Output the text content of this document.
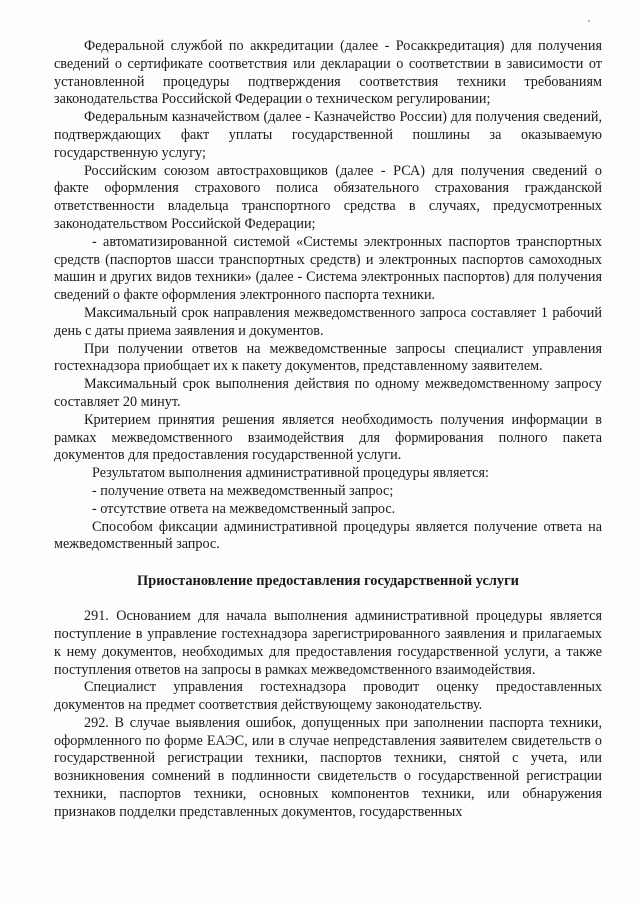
Федеральной службой по аккредитации (далее - Росаккредитация) для получения сведений о сертификате соответствия или декларации о соответствии в зависимости от установленной процедуры подтверждения соответствия техники требованиям законодательства Российской Федерации о техническом регулировании;

Федеральным казначейством (далее - Казначейство России) для получения сведений, подтверждающих факт уплаты государственной пошлины за оказываемую государственную услугу;

Российским союзом автостраховщиков (далее - РСА) для получения сведений о факте оформления страхового полиса обязательного страхования гражданской ответственности владельца транспортного средства в случаях, предусмотренных законодательством Российской Федерации;

- автоматизированной системой «Системы электронных паспортов транспортных средств (паспортов шасси транспортных средств) и электронных паспортов самоходных машин и других видов техники» (далее - Система электронных паспортов) для получения сведений о факте оформления электронного паспорта техники.

Максимальный срок направления межведомственного запроса составляет 1 рабочий день с даты приема заявления и документов.

При получении ответов на межведомственные запросы специалист управления гостехнадзора приобщает их к пакету документов, представленному заявителем.

Максимальный срок выполнения действия по одному межведомственному запросу составляет 20 минут.

Критерием принятия решения является необходимость получения информации в рамках межведомственного взаимодействия для формирования полного пакета документов для предоставления государственной услуги.

Результатом выполнения административной процедуры является:

- получение ответа на межведомственный запрос;

- отсутствие ответа на межведомственный запрос.

Способом фиксации административной процедуры является получение ответа на межведомственный запрос.

Приостановление предоставления государственной услуги

291. Основанием для начала выполнения административной процедуры является поступление в управление гостехнадзора зарегистрированного заявления и прилагаемых к нему документов, необходимых для предоставления государственной услуги, а также поступления ответов на запросы в рамках межведомственного взаимодействия.

Специалист управления гостехнадзора проводит оценку предоставленных документов на предмет соответствия действующему законодательству.

292. В случае выявления ошибок, допущенных при заполнении паспорта техники, оформленного по форме ЕАЭС, или в случае непредставления заявителем свидетельств о государственной регистрации техники, паспортов техники, снятой с учета, или возникновения сомнений в подлинности свидетельств о государственной регистрации техники, паспортов техники, основных компонентов техники, или обнаружения признаков подделки представленных документов, государственных
